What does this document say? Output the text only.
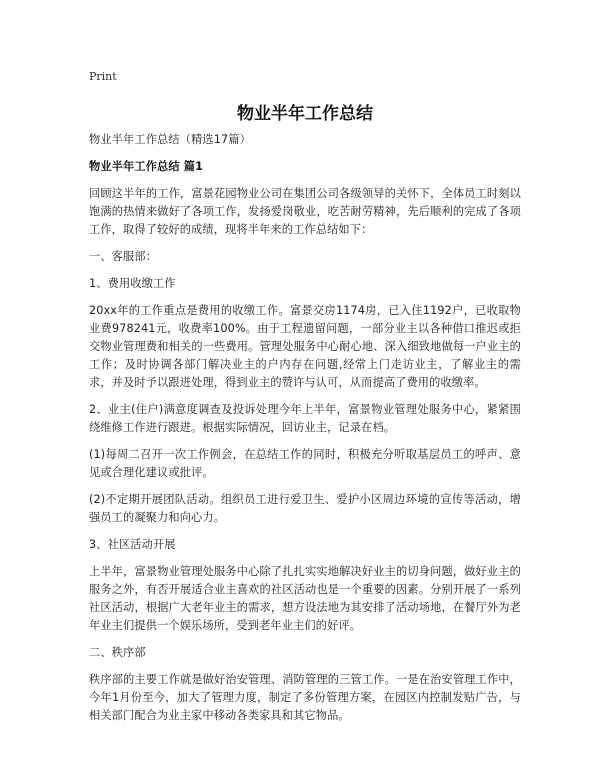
Print
物业半年工作总结

物业半年工作总结（精选17篇）

物业半年工作总结 篇1

回顾这半年的工作，富景花园物业公司在集团公司各级领导的关怀下，全体员工时刻以饱满的热情来做好了各项工作，发扬爱岗敬业，吃苦耐劳精神，先后顺利的完成了各项工作，取得了较好的成绩，现将半年来的工作总结如下：

一、客服部：

1、费用收缴工作

20xx年的工作重点是费用的收缴工作。富景交房1174房，已入住1192户，已收取物业费978241元，收费率100%。由于工程遗留问题，一部分业主以各种借口推迟或拒交物业管理费和相关的一些费用。管理处服务中心耐心地、深入细致地做每一户业主的工作；及时协调各部门解决业主的户内存在问题,经常上门走访业主，了解业主的需求，并及时予以跟进处理，得到业主的赞许与认可，从而提高了费用的收缴率。

2、业主(住户)满意度调查及投诉处理今年上半年，富景物业管理处服务中心，紧紧围绕维修工作进行跟进。根据实际情况，回访业主，记录在档。

(1)每周二召开一次工作例会，在总结工作的同时，积极充分听取基层员工的呼声、意见或合理化建议或批评。

(2)不定期开展团队活动。组织员工进行爱卫生、爱护小区周边环境的宣传等活动，增强员工的凝聚力和向心力。

3、社区活动开展

上半年，富景物业管理处服务中心除了扎扎实实地解决好业主的切身问题，做好业主的服务之外，有否开展适合业主喜欢的社区活动也是一个重要的因素。分别开展了一系列社区活动，根据广大老年业主的需求，想方设法地为其安排了活动场地，在餐厅外为老年业主们提供一个娱乐场所，受到老年业主们的好评。

二、秩序部

秩序部的主要工作就是做好治安管理、消防管理的三管工作。一是在治安管理工作中，今年1月份至今，加大了管理力度，制定了多份管理方案，在园区内控制发贴广告，与相关部门配合为业主家中移动各类家具和其它物品。
